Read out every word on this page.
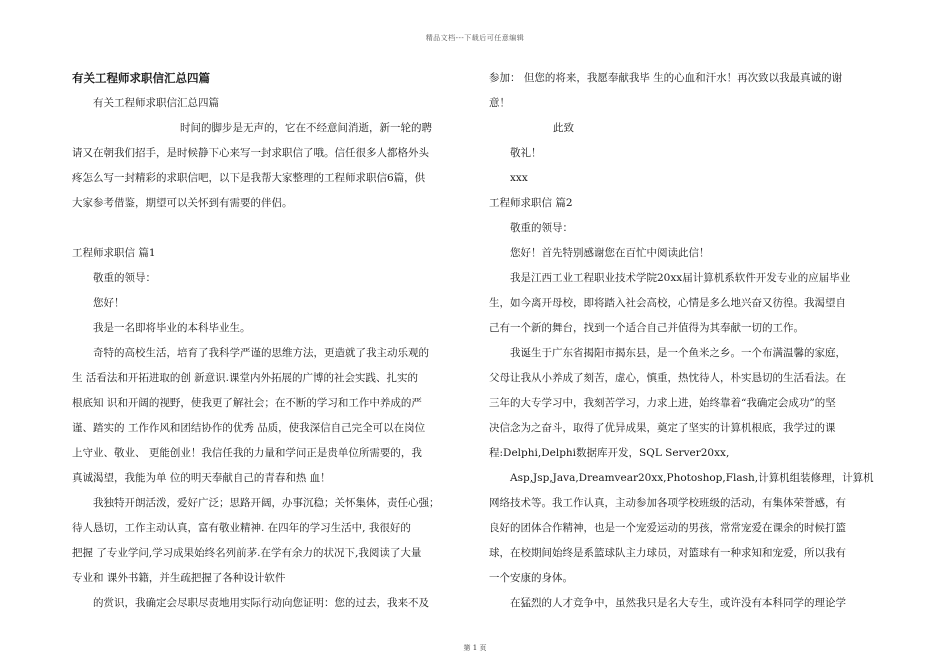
精品文档---下载后可任意编辑

有关工程师求职信汇总四篇

有关工程师求职信汇总四篇

时间的脚步是无声的，它在不经意间消逝，新一轮的聘

请又在朝我们招手，是时候静下心来写一封求职信了哦。信任很多人都格外头

疼怎么写一封精彩的求职信吧，以下是我帮大家整理的工程师求职信6篇，供

大家参考借鉴，期望可以关怀到有需要的伴侣。

工程师求职信 篇1

敬重的领导：

您好！

我是一名即将毕业的本科毕业生。

奇特的高校生活，培育了我科学严谨的思维方法，更造就了我主动乐观的

生 活看法和开拓进取的创 新意识.课堂内外拓展的广博的社会实践、扎实的

根底知 识和开阔的视野，使我更了解社会；在不断的学习和工作中养成的严

谨、踏实的 工作作风和团结协作的优秀 品质，使我深信自己完全可以在岗位

上守业、敬业、 更能创业！我信任我的力量和学问正是贵单位所需要的，我

真诚渴望，我能为单 位的明天奉献自己的青春和热 血！

我独特开朗活泼，爱好广泛；思路开阔，办事沉稳；关怀集体，责任心强；

待人恳切，工作主动认真，富有敬业精神. 在四年的学习生活中, 我很好的

把握 了专业学问,学习成果始终名列前茅.在学有余力的状况下,我阅读了大量

专业和 课外书籍，并生疏把握了各种设计软件

的赏识，我确定会尽职尽责地用实际行动向您证明：您的过去，我来不及

参加： 但您的将来，我愿奉献我毕 生的心血和汗水！再次致以我最真诚的谢

意！

此致

敬礼！

xxx

工程师求职信 篇2

敬重的领导：

您好！首先特别感谢您在百忙中阅读此信！

我是江西工业工程职业技术学院20xx届计算机系软件开发专业的应届毕业

生，如今离开母校，即将踏入社会高校，心情是多么地兴奋又彷徨。我渴望自

己有一个新的舞台，找到一个适合自己并值得为其奉献一切的工作。

我诞生于广东省揭阳市揭东县，是一个鱼米之乡。一个布满温馨的家庭，

父母让我从小养成了刻苦，虚心，慎重，热忱待人，朴实恳切的生活看法。在

三年的大专学习中，我刻苦学习，力求上进，始终靠着“我确定会成功”的坚

决信念为之奋斗，取得了优异成果，奠定了坚实的计算机根底，我学过的课

程:Delphi,Delphi数据库开发，SQL Server20xx,

Asp,Jsp,Java,Dreamvear20xx,Photoshop,Flash,计算机组装修理，计算机

网络技术等。我工作认真，主动参加各项学校班级的活动，有集体荣誉感，有

良好的团体合作精神，也是一个宠爱运动的男孩，常常宠爱在课余的时候打篮

球，在校期间始终是系篮球队主力球员，对篮球有一种求知和宠爱，所以我有

一个安康的身体。

在猛烈的人才竞争中，虽然我只是名大专生，或许没有本科同学的理论学

第 1 页
